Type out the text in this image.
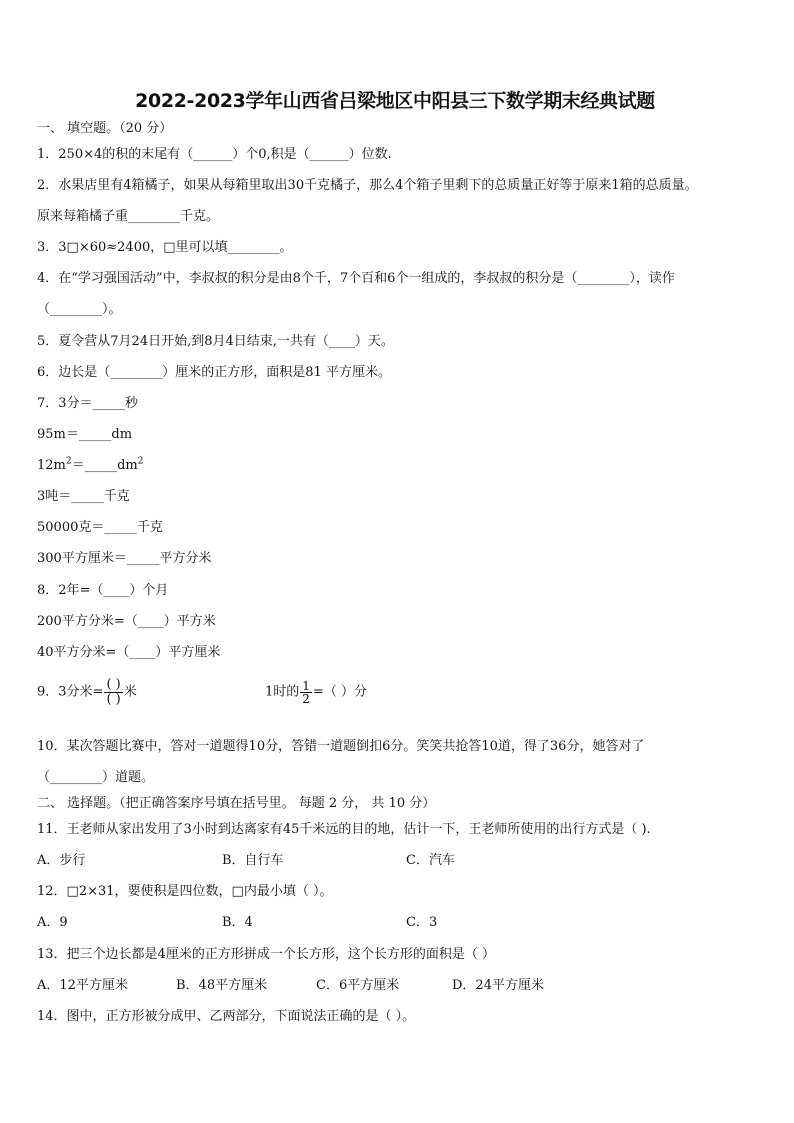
2022-2023学年山西省吕梁地区中阳县三下数学期末经典试题
一、 填空题。（20 分）
1．250×4的积的末尾有（______）个0,积是（______）位数.
2．水果店里有4箱橘子，如果从每箱里取出30千克橘子，那么4个箱子里剩下的总质量正好等于原来1箱的总质量。
原来每箱橘子重________千克。
3．3□×60≈2400，□里可以填________。
4．在“学习强国活动”中，李叔叔的积分是由8个千，7个百和6个一组成的，李叔叔的积分是（________），读作
（________）。
5．夏令营从7月24日开始,到8月4日结束,一共有（____）天。
6．边长是（________）厘米的正方形，面积是81 平方厘米。
7．3分＝_____秒
95m＝_____dm
$12m^2=\_\_\_\_\_dm^2$
3吨＝_____千克
50000克＝_____千克
300平方厘米＝_____平方分米
8．2年=（____）个月
200平方分米=（____）平方米
40平方分米=（____）平方厘米
9．3分米= $\frac{( )}{( )}$ 米	1时的 $\frac{1}{2}$ =（ ）分
10．某次答题比赛中，答对一道题得10分，答错一道题倒扣6分。笑笑共抢答10道，得了36分，她答对了
（________）道题。
二、 选择题。（把正确答案序号填在括号里。 每题 2 分， 共 10 分）
11．王老师从家出发用了3小时到达离家有45千米远的目的地，估计一下，王老师所使用的出行方式是（ ).
A．步行	B．自行车	C．汽车
12．□2×31，要使积是四位数，□内最小填（ ）。
A．9	B．4	C．3
13．把三个边长都是4厘米的正方形拼成一个长方形，这个长方形的面积是（ ）
A．12平方厘米	B．48平方厘米	C．6平方厘米	D．24平方厘米
14．图中，正方形被分成甲、乙两部分，下面说法正确的是（ ）。
